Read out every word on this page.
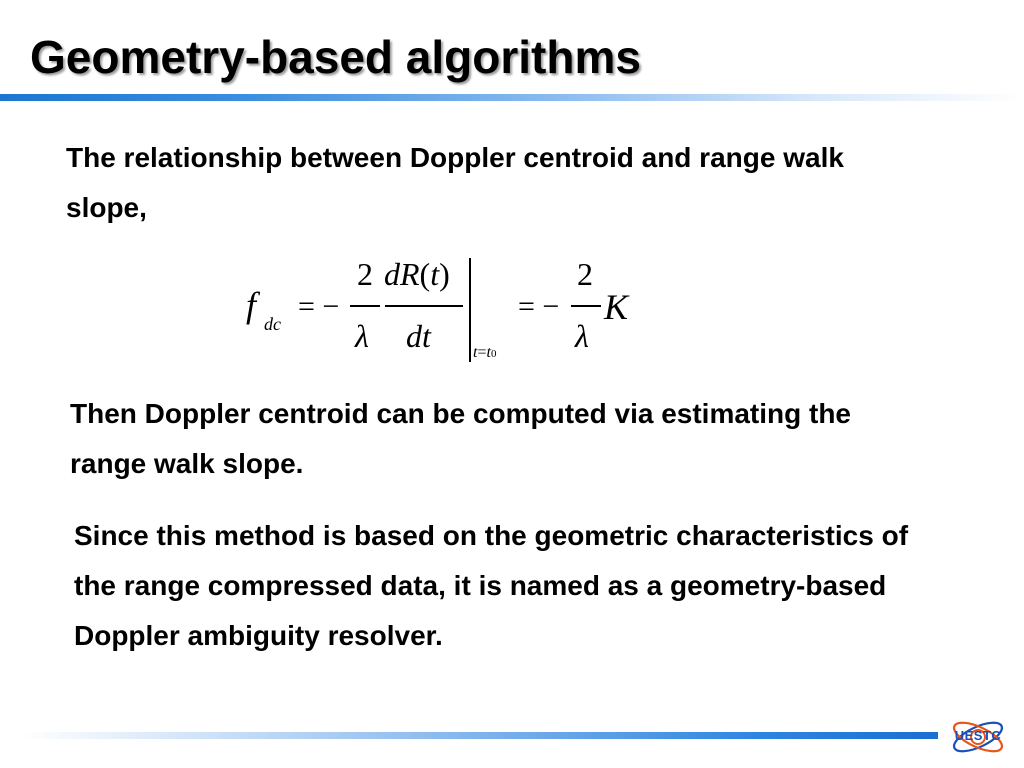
Geometry-based algorithms

The relationship between Doppler centroid and range walk slope,

f dc
= −
2
λ
dR(t)
dt	t=t0
= −
2
λ
K

Then Doppler centroid can be computed via estimating the range walk slope.

Since this method is based on the geometric characteristics of the range compressed data, it is named as a geometry-based Doppler ambiguity resolver.

UESTC
